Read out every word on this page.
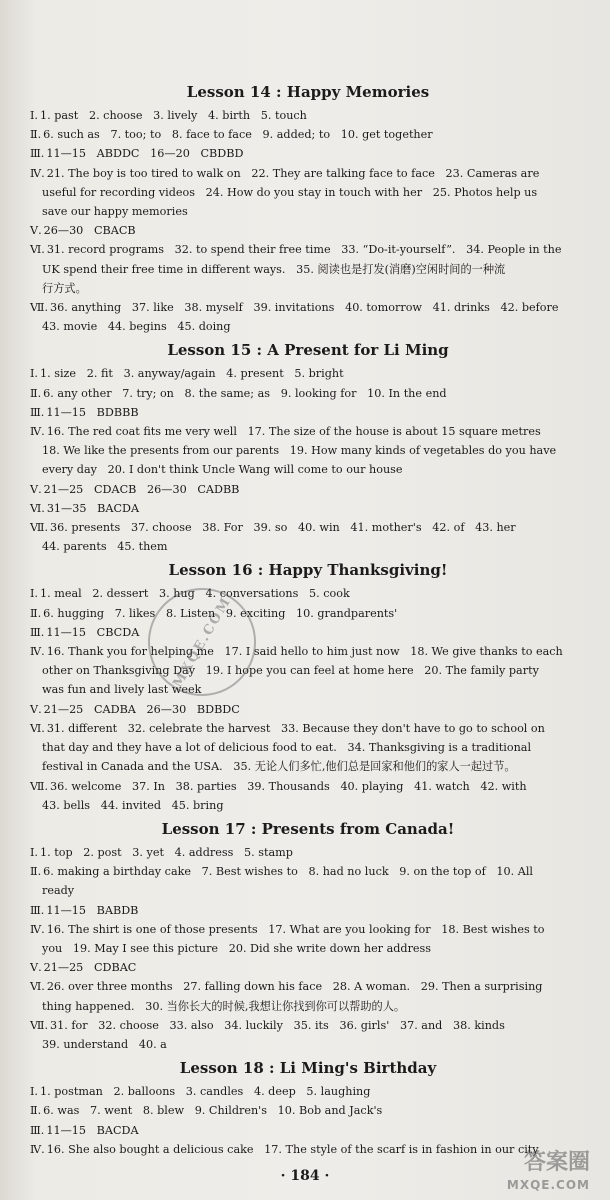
Lesson 14 : Happy Memories
Ⅰ. 1. past   2. choose   3. lively   4. birth   5. touch
Ⅱ. 6. such as   7. too; to   8. face to face   9. added; to   10. get together
Ⅲ. 11—15   ABDDC   16—20   CBDBD
Ⅳ. 21. The boy is too tired to walk on   22. They are talking face to face   23. Cameras are
useful for recording videos   24. How do you stay in touch with her   25. Photos help us
save our happy memories
Ⅴ. 26—30   CBACB
Ⅵ. 31. record programs   32. to spend their free time   33. “Do-it-yourself”.   34. People in the
UK spend their free time in different ways.   35. 阅读也是打发(消磨)空闲时间的一种流
行方式。
Ⅶ. 36. anything   37. like   38. myself   39. invitations   40. tomorrow   41. drinks   42. before
43. movie   44. begins   45. doing
Lesson 15 : A Present for Li Ming
Ⅰ. 1. size   2. fit   3. anyway/again   4. present   5. bright
Ⅱ. 6. any other   7. try; on   8. the same; as   9. looking for   10. In the end
Ⅲ. 11—15   BDBBB
Ⅳ. 16. The red coat fits me very well   17. The size of the house is about 15 square metres
18. We like the presents from our parents   19. How many kinds of vegetables do you have
every day   20. I don't think Uncle Wang will come to our house
Ⅴ. 21—25   CDACB   26—30   CADBB
Ⅵ. 31—35   BACDA
Ⅶ. 36. presents   37. choose   38. For   39. so   40. win   41. mother's   42. of   43. her
44. parents   45. them
Lesson 16 : Happy Thanksgiving!
Ⅰ. 1. meal   2. dessert   3. hug   4. conversations   5. cook
Ⅱ. 6. hugging   7. likes   8. Listen   9. exciting   10. grandparents'
Ⅲ. 11—15   CBCDA
Ⅳ. 16. Thank you for helping me   17. I said hello to him just now   18. We give thanks to each
other on Thanksgiving Day   19. I hope you can feel at home here   20. The family party
was fun and lively last week
Ⅴ. 21—25   CADBA   26—30   BDBDC
Ⅵ. 31. different   32. celebrate the harvest   33. Because they don't have to go to school on
that day and they have a lot of delicious food to eat.   34. Thanksgiving is a traditional
festival in Canada and the USA.   35. 无论人们多忙,他们总是回家和他们的家人一起过节。
Ⅶ. 36. welcome   37. In   38. parties   39. Thousands   40. playing   41. watch   42. with
43. bells   44. invited   45. bring
Lesson 17 : Presents from Canada!
Ⅰ. 1. top   2. post   3. yet   4. address   5. stamp
Ⅱ. 6. making a birthday cake   7. Best wishes to   8. had no luck   9. on the top of   10. All
ready
Ⅲ. 11—15   BABDB
Ⅳ. 16. The shirt is one of those presents   17. What are you looking for   18. Best wishes to
you   19. May I see this picture   20. Did she write down her address
Ⅴ. 21—25   CDBAC
Ⅵ. 26. over three months   27. falling down his face   28. A woman.   29. Then a surprising
thing happened.   30. 当你长大的时候,我想让你找到你可以帮助的人。
Ⅶ. 31. for   32. choose   33. also   34. luckily   35. its   36. girls'   37. and   38. kinds
39. understand   40. a
Lesson 18 : Li Ming's Birthday
Ⅰ. 1. postman   2. balloons   3. candles   4. deep   5. laughing
Ⅱ. 6. was   7. went   8. blew   9. Children's   10. Bob and Jack's
Ⅲ. 11—15   BACDA
Ⅳ. 16. She also bought a delicious cake   17. The style of the scarf is in fashion in our city
MXQE.COM
· 184 ·
答案圈
MXQE.COM
